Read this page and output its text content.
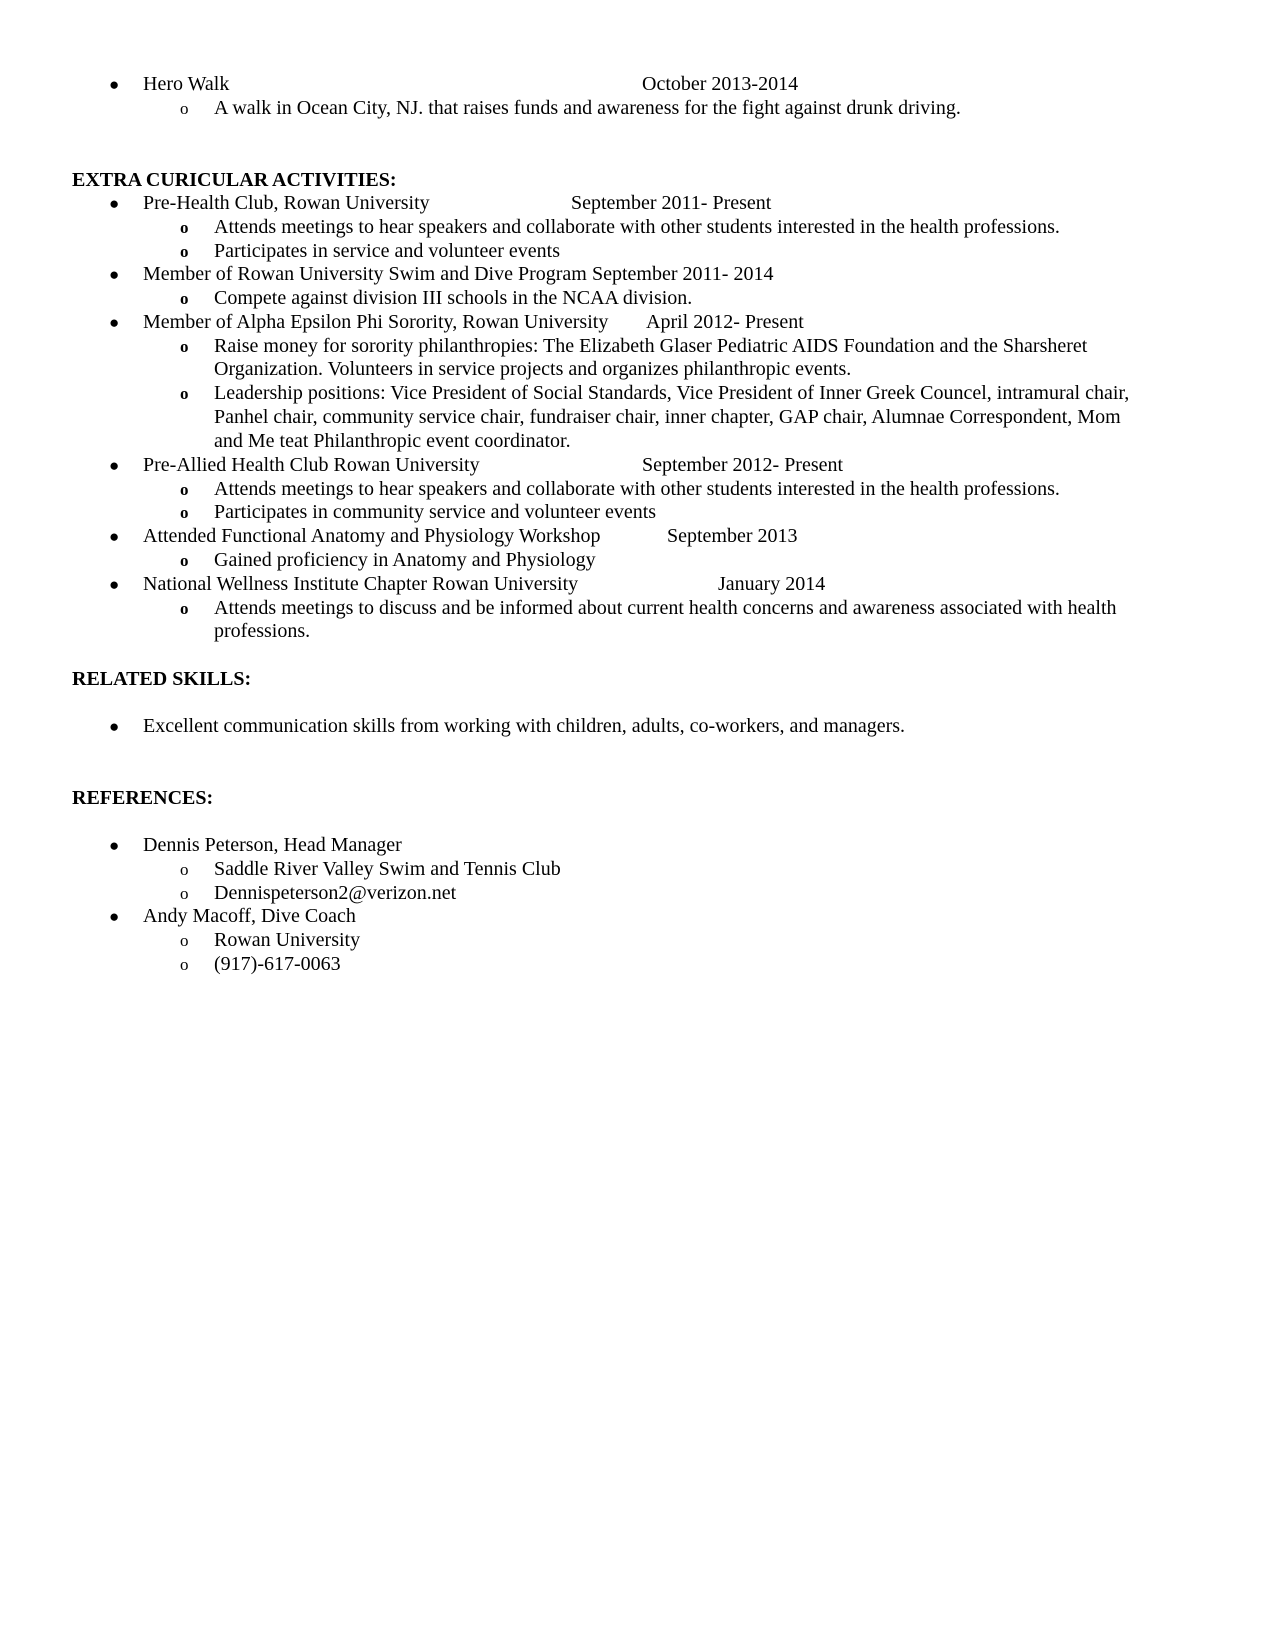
● Hero Walk	October 2013-2014
o A walk in Ocean City, NJ. that raises funds and awareness for the fight against drunk driving.
EXTRA CURICULAR ACTIVITIES:
● Pre-Health Club, Rowan University	September 2011- Present
o Attends meetings to hear speakers and collaborate with other students interested in the health professions.
o Participates in service and volunteer events
● Member of Rowan University Swim and Dive Program September 2011- 2014
o Compete against division III schools in the NCAA division.
● Member of Alpha Epsilon Phi Sorority, Rowan University April 2012- Present
o Raise money for sorority philanthropies: The Elizabeth Glaser Pediatric AIDS Foundation and the Sharsheret
Organization. Volunteers in service projects and organizes philanthropic events.
o Leadership positions: Vice President of Social Standards, Vice President of Inner Greek Councel, intramural chair,
Panhel chair, community service chair, fundraiser chair, inner chapter, GAP chair, Alumnae Correspondent, Mom
and Me teat Philanthropic event coordinator.
● Pre-Allied Health Club Rowan University	September 2012- Present
o Attends meetings to hear speakers and collaborate with other students interested in the health professions.
o Participates in community service and volunteer events
● Attended Functional Anatomy and Physiology Workshop	September 2013
o Gained proficiency in Anatomy and Physiology
● National Wellness Institute Chapter Rowan University	January 2014
o Attends meetings to discuss and be informed about current health concerns and awareness associated with health
professions.
RELATED SKILLS:
● Excellent communication skills from working with children, adults, co-workers, and managers.
REFERENCES:
● Dennis Peterson, Head Manager
o Saddle River Valley Swim and Tennis Club
o Dennispeterson2@verizon.net
● Andy Macoff, Dive Coach
o Rowan University
o (917)-617-0063
